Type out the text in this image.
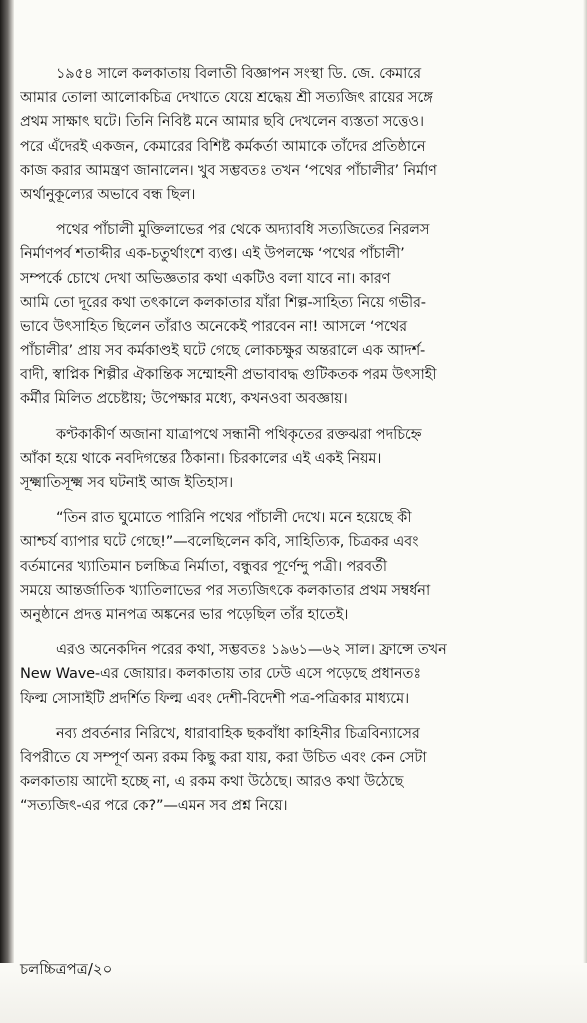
১৯৫৪ সালে কলকাতায় বিলাতী বিজ্ঞাপন সংস্থা ডি. জে. কেমারে
আমার তোলা আলোকচিত্র দেখাতে যেয়ে শ্রদ্ধেয় শ্রী সত্যজিৎ রায়ের সঙ্গে
প্রথম সাক্ষাৎ ঘটে। তিনি নিবিষ্ট মনে আমার ছবি দেখলেন ব্যস্ততা সত্তেও।
পরে এঁদেরই একজন, কেমারের বিশিষ্ট কর্মকর্তা আমাকে তাঁদের প্রতিষ্ঠানে
কাজ করার আমন্ত্রণ জানালেন। খুব সম্ভবতঃ তখন ‘পথের পাঁচালীর’ নির্মাণ
অর্থানুকূল্যের অভাবে বন্ধ ছিল।
পথের পাঁচালী মুক্তিলাভের পর থেকে অদ্যাবধি সত্যজিতের নিরলস
নির্মাণপর্ব শতাব্দীর এক-চতুর্থাংশে ব্যপ্ত। এই উপলক্ষে ‘পথের পাঁচালী’
সম্পর্কে চোখে দেখা অভিজ্ঞতার কথা একটিও বলা যাবে না। কারণ
আমি তো দূরের কথা তৎকালে কলকাতার যাঁরা শিল্প-সাহিত্য নিয়ে গভীর-
ভাবে উৎসাহিত ছিলেন তাঁরাও অনেকেই পারবেন না! আসলে ‘পথের
পাঁচালীর’ প্রায় সব কর্মকাণ্ডই ঘটে গেছে লোকচক্ষুর অন্তরালে এক আদর্শ-
বাদী, স্বাপ্নিক শিল্পীর ঐকান্তিক সম্মোহনী প্রভাবাবদ্ধ গুটিকতক পরম উৎসাহী
কর্মীর মিলিত প্রচেষ্টায়; উপেক্ষার মধ্যে, কখনওবা অবজ্ঞায়।
কণ্টকাকীর্ণ অজানা যাত্রাপথে সন্ধানী পথিকৃতের রক্তঝরা পদচিহ্নে
আঁকা হয়ে থাকে নবদিগন্তের ঠিকানা। চিরকালের এই একই নিয়ম।
সূক্ষ্মাতিসূক্ষ্ম সব ঘটনাই আজ ইতিহাস।
“তিন রাত ঘুমোতে পারিনি পথের পাঁচালী দেখে। মনে হয়েছে কী
আশ্চর্য ব্যাপার ঘটে গেছে!”—বলেছিলেন কবি, সাহিত্যিক, চিত্রকর এবং
বর্তমানের খ্যাতিমান চলচ্চিত্র নির্মাতা, বন্ধুবর পূর্ণেন্দু পত্রী। পরবর্তী
সময়ে আন্তর্জাতিক খ্যাতিলাভের পর সত্যজিৎকে কলকাতার প্রথম সম্বর্ধনা
অনুষ্ঠানে প্রদত্ত মানপত্র অঙ্কনের ভার পড়েছিল তাঁর হাতেই।
এরও অনেকদিন পরের কথা, সম্ভবতঃ ১৯৬১—৬২ সাল। ফ্রান্সে তখন
New Wave-এর জোয়ার। কলকাতায় তার ঢেউ এসে পড়েছে প্রধানতঃ
ফিল্ম সোসাইটি প্রদর্শিত ফিল্ম এবং দেশী-বিদেশী পত্র-পত্রিকার মাধ্যমে।
নব্য প্রবর্তনার নিরিখে, ধারাবাহিক ছকবাঁধা কাহিনীর চিত্রবিন্যাসের
বিপরীতে যে সম্পূর্ণ অন্য রকম কিছু করা যায়, করা উচিত এবং কেন সেটা
কলকাতায় আদৌ হচ্ছে না, এ রকম কথা উঠেছে। আরও কথা উঠেছে
“সত্যজিৎ-এর পরে কে?”—এমন সব প্রশ্ন নিয়ে।
চলচ্চিত্রপত্র/২০
